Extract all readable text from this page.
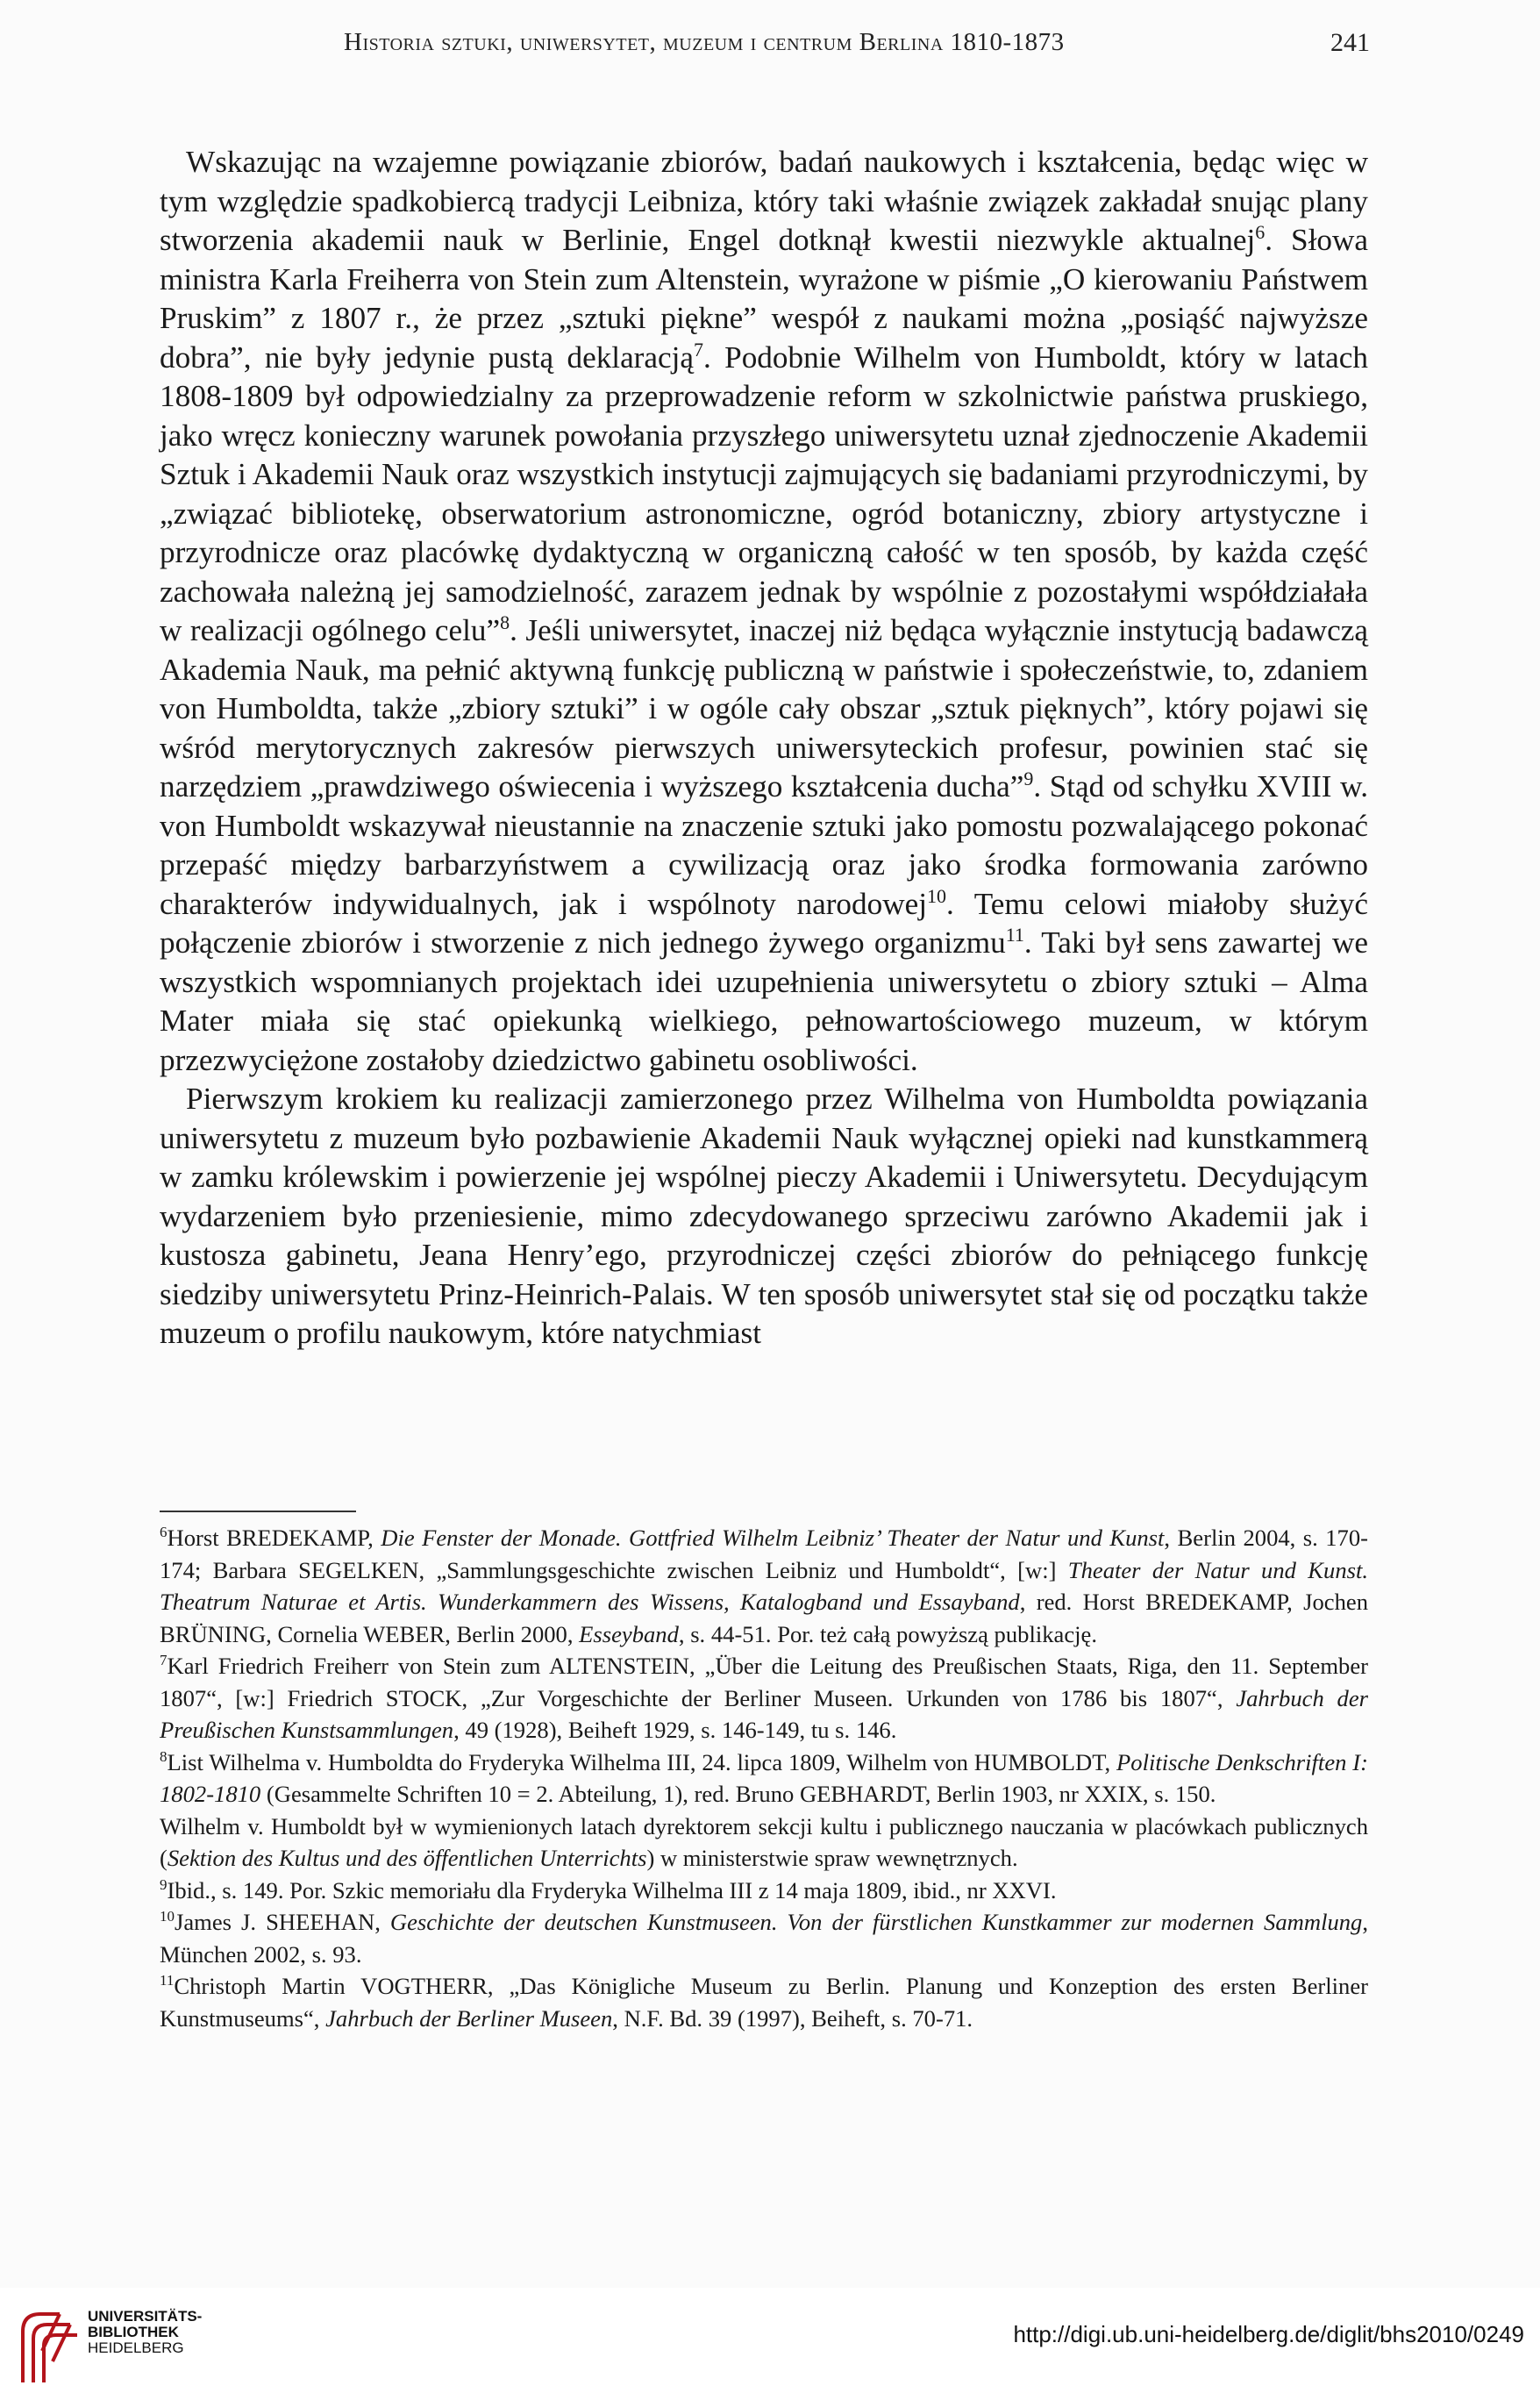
Historia sztuki, uniwersytet, muzeum i centrum Berlina 1810-1873	241

Wskazując na wzajemne powiązanie zbiorów, badań naukowych i kształcenia, będąc więc w tym względzie spadkobiercą tradycji Leibniza, który taki właśnie związek zakładał snując plany stworzenia akademii nauk w Berlinie, Engel dotknął kwestii niezwykle aktualnej$^6$. Słowa ministra Karla Freiherra von Stein zum Altenstein, wyrażone w piśmie „O kierowaniu Państwem Pruskim” z 1807 r., że przez „sztuki piękne” wespół z naukami można „posiąść najwyższe dobra”, nie były jedynie pustą deklaracją$^7$. Podobnie Wilhelm von Humboldt, który w latach 1808-1809 był odpowiedzialny za przeprowadzenie reform w szkolnictwie państwa pruskiego, jako wręcz konieczny warunek powołania przyszłego uniwersytetu uznał zjednoczenie Akademii Sztuk i Akademii Nauk oraz wszystkich instytucji zajmujących się badaniami przyrodniczymi, by „związać bibliotekę, obserwatorium astronomiczne, ogród botaniczny, zbiory artystyczne i przyrodnicze oraz placówkę dydaktyczną w organiczną całość w ten sposób, by każda część zachowała należną jej samodzielność, zarazem jednak by wspólnie z pozostałymi współdziałała w realizacji ogólnego celu”$^8$. Jeśli uniwersytet, inaczej niż będąca wyłącznie instytucją badawczą Akademia Nauk, ma pełnić aktywną funkcję publiczną w państwie i społeczeństwie, to, zdaniem von Humboldta, także „zbiory sztuki” i w ogóle cały obszar „sztuk pięknych”, który pojawi się wśród merytorycznych zakresów pierwszych uniwersyteckich profesur, powinien stać się narzędziem „prawdziwego oświecenia i wyższego kształcenia ducha”$^9$. Stąd od schyłku XVIII w. von Humboldt wskazywał nieustannie na znaczenie sztuki jako pomostu pozwalającego pokonać przepaść między barbarzyństwem a cywilizacją oraz jako środka formowania zarówno charakterów indywidualnych, jak i wspólnoty narodowej$^{10}$. Temu celowi miałoby służyć połączenie zbiorów i stworzenie z nich jednego żywego organizmu$^{11}$. Taki był sens zawartej we wszystkich wspomnianych projektach idei uzupełnienia uniwersytetu o zbiory sztuki – Alma Mater miała się stać opiekunką wielkiego, pełnowartościowego muzeum, w którym przezwyciężone zostałoby dziedzictwo gabinetu osobliwości.

Pierwszym krokiem ku realizacji zamierzonego przez Wilhelma von Humboldta powiązania uniwersytetu z muzeum było pozbawienie Akademii Nauk wyłącznej opieki nad kunstkammerą w zamku królewskim i powierzenie jej wspólnej pieczy Akademii i Uniwersytetu. Decydującym wydarzeniem było przeniesienie, mimo zdecydowanego sprzeciwu zarówno Akademii jak i kustosza gabinetu, Jeana Henry’ego, przyrodniczej części zbiorów do pełniącego funkcję siedziby uniwersytetu Prinz-Heinrich-Palais. W ten sposób uniwersytet stał się od początku także muzeum o profilu naukowym, które natychmiast

$^6$Horst BREDEKAMP, Die Fenster der Monade. Gottfried Wilhelm Leibniz’ Theater der Natur und Kunst, Berlin 2004, s. 170-174; Barbara SEGELKEN, „Sammlungsgeschichte zwischen Leibniz und Humboldt“, [w:] Theater der Natur und Kunst. Theatrum Naturae et Artis. Wunderkammern des Wissens, Katalogband und Essayband, red. Horst BREDEKAMP, Jochen BRÜNING, Cornelia WEBER, Berlin 2000, Esseyband, s. 44-51. Por. też całą powyższą publikację.

$^7$Karl Friedrich Freiherr von Stein zum ALTENSTEIN, „Über die Leitung des Preußischen Staats, Riga, den 11. September 1807“, [w:] Friedrich STOCK, „Zur Vorgeschichte der Berliner Museen. Urkunden von 1786 bis 1807“, Jahrbuch der Preußischen Kunstsammlungen, 49 (1928), Beiheft 1929, s. 146-149, tu s. 146.

$^8$List Wilhelma v. Humboldta do Fryderyka Wilhelma III, 24. lipca 1809, Wilhelm von HUMBOLDT, Politische Denkschriften I: 1802-1810 (Gesammelte Schriften 10 = 2. Abteilung, 1), red. Bruno GEBHARDT, Berlin 1903, nr XXIX, s. 150.

Wilhelm v. Humboldt był w wymienionych latach dyrektorem sekcji kultu i publicznego nauczania w placówkach publicznych (Sektion des Kultus und des öffentlichen Unterrichts) w ministerstwie spraw wewnętrznych.

$^9$Ibid., s. 149. Por. Szkic memoriału dla Fryderyka Wilhelma III z 14 maja 1809, ibid., nr XXVI.

$^{10}$James J. SHEEHAN, Geschichte der deutschen Kunstmuseen. Von der fürstlichen Kunstkammer zur modernen Sammlung, München 2002, s. 93.

$^{11}$Christoph Martin VOGTHERR, „Das Königliche Museum zu Berlin. Planung und Konzeption des ersten Berliner Kunstmuseums“, Jahrbuch der Berliner Museen, N.F. Bd. 39 (1997), Beiheft, s. 70-71.

UNIVERSITÄTS-
BIBLIOTHEK
HEIDELBERG
http://digi.ub.uni-heidelberg.de/diglit/bhs2010/0249
